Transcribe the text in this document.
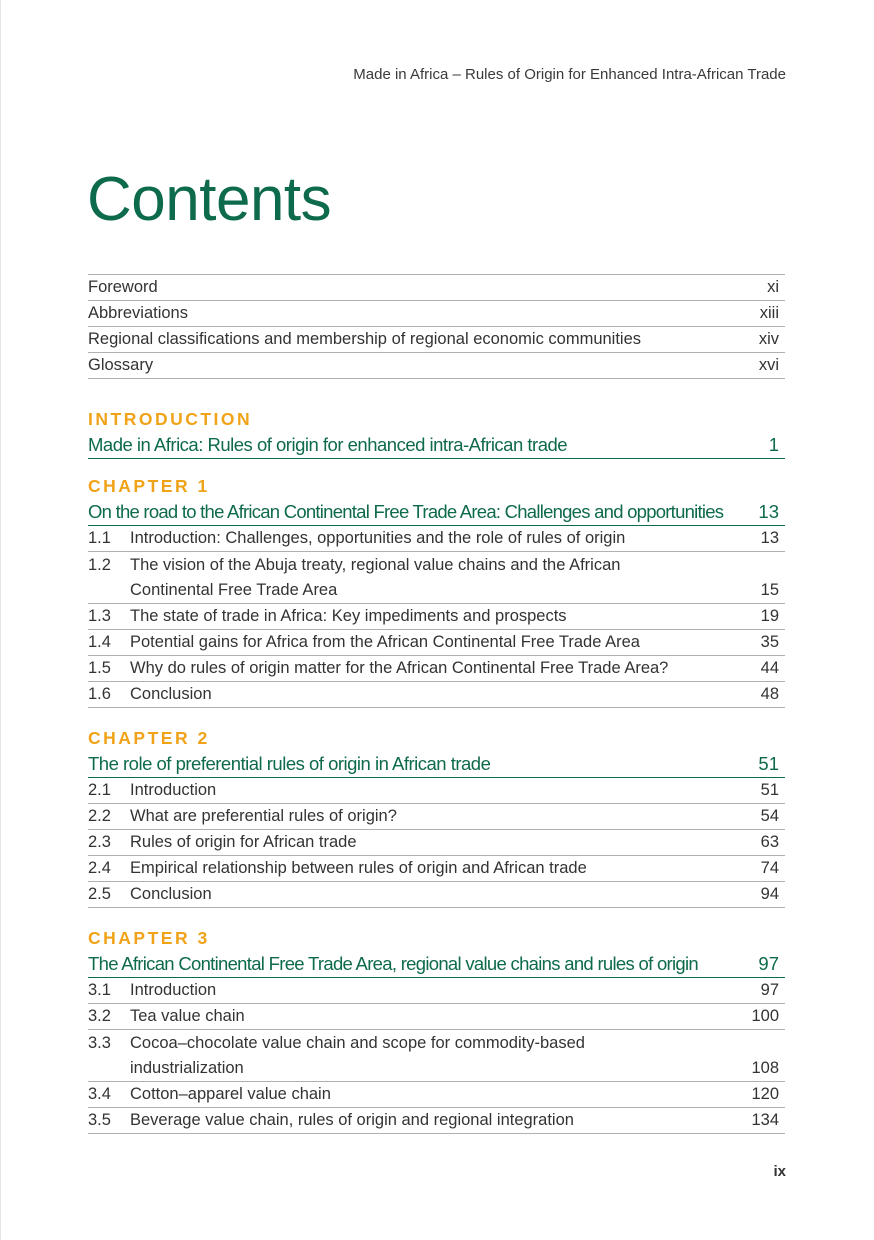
Made in Africa – Rules of Origin for Enhanced Intra-African Trade
Contents
Foreword	xi
Abbreviations	xiii
Regional classifications and membership of regional economic communities	xiv
Glossary	xvi
INTRODUCTION
Made in Africa: Rules of origin for enhanced intra-African trade	1
CHAPTER 1
On the road to the African Continental Free Trade Area: Challenges and opportunities	13
1.1	Introduction: Challenges, opportunities and the role of rules of origin	13
1.2	The vision of the Abuja treaty, regional value chains and the African
Continental Free Trade Area	15
1.3	The state of trade in Africa: Key impediments and prospects	19
1.4	Potential gains for Africa from the African Continental Free Trade Area	35
1.5	Why do rules of origin matter for the African Continental Free Trade Area?	44
1.6	Conclusion	48
CHAPTER 2
The role of preferential rules of origin in African trade	51
2.1	Introduction	51
2.2	What are preferential rules of origin?	54
2.3	Rules of origin for African trade	63
2.4	Empirical relationship between rules of origin and African trade	74
2.5	Conclusion	94
CHAPTER 3
The African Continental Free Trade Area, regional value chains and rules of origin	97
3.1	Introduction	97
3.2	Tea value chain	100
3.3	Cocoa–chocolate value chain and scope for commodity-based
industrialization	108
3.4	Cotton–apparel value chain	120
3.5	Beverage value chain, rules of origin and regional integration	134
ix
